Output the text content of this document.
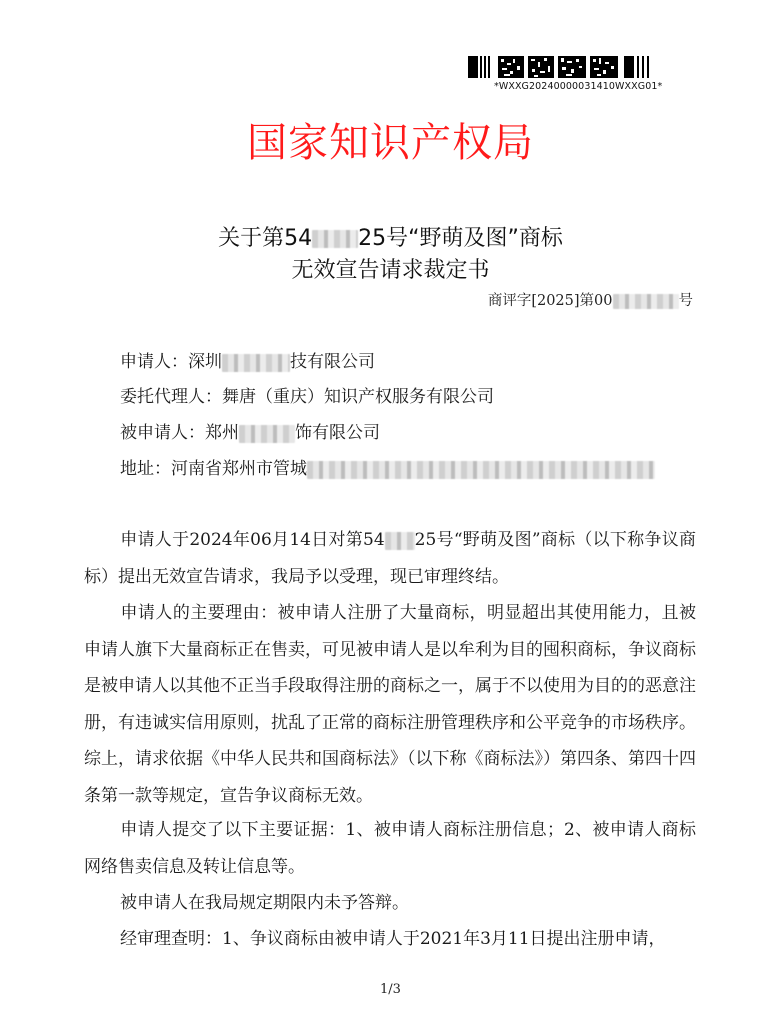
*WXXG20240000031410WXXG01*
国家知识产权局
关于第54 25号“野萌及图”商标
无效宣告请求裁定书
商评字[2025]第00	号
申请人：深圳	技有限公司
委托代理人：舞唐（重庆）知识产权服务有限公司
被申请人：郑州	饰有限公司
地址：河南省郑州市管城
申请人于2024年06月14日对第54 25号“野萌及图”商标（以下称争议商标）提出无效宣告请求，我局予以受理，现已审理终结。
申请人的主要理由：被申请人注册了大量商标，明显超出其使用能力，且被申请人旗下大量商标正在售卖，可见被申请人是以牟利为目的囤积商标，争议商标是被申请人以其他不正当手段取得注册的商标之一，属于不以使用为目的的恶意注册，有违诚实信用原则，扰乱了正常的商标注册管理秩序和公平竞争的市场秩序。综上，请求依据《中华人民共和国商标法》（以下称《商标法》）第四条、第四十四条第一款等规定，宣告争议商标无效。
申请人提交了以下主要证据：1、被申请人商标注册信息；2、被申请人商标网络售卖信息及转让信息等。
被申请人在我局规定期限内未予答辩。
经审理查明：1、争议商标由被申请人于2021年3月11日提出注册申请，
1/3
